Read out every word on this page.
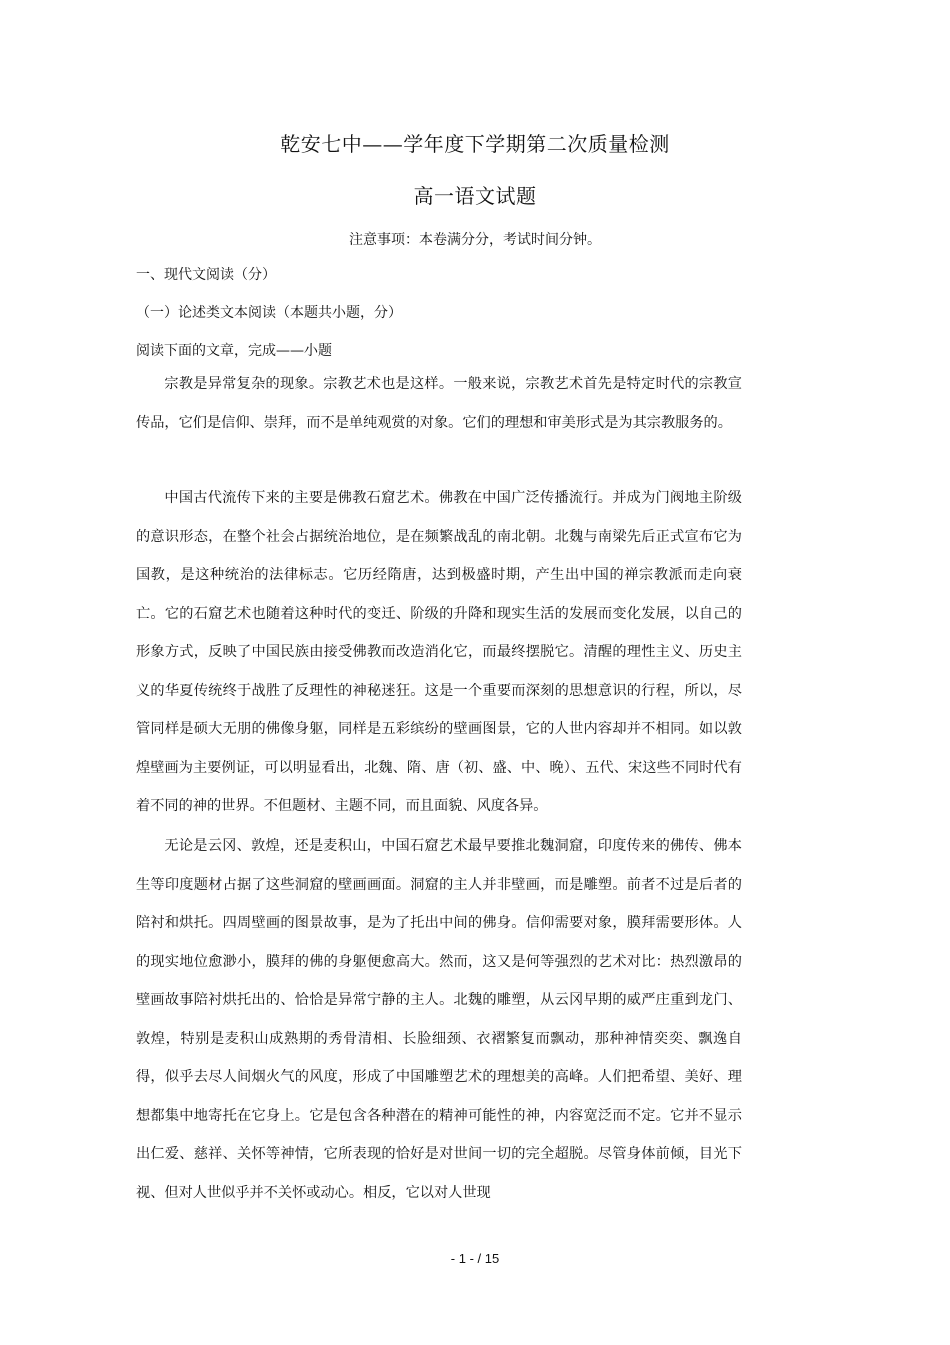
乾安七中——学年度下学期第二次质量检测
高一语文试题
注意事项：本卷满分分，考试时间分钟。
一、现代文阅读（分）
（一）论述类文本阅读（本题共小题，分）
阅读下面的文章，完成——小题

宗教是异常复杂的现象。宗教艺术也是这样。一般来说，宗教艺术首先是特定时代的宗教宣传品，它们是信仰、崇拜，而不是单纯观赏的对象。它们的理想和审美形式是为其宗教服务的。

中国古代流传下来的主要是佛教石窟艺术。佛教在中国广泛传播流行。并成为门阀地主阶级的意识形态，在整个社会占据统治地位，是在频繁战乱的南北朝。北魏与南梁先后正式宣布它为国教，是这种统治的法律标志。它历经隋唐，达到极盛时期，产生出中国的禅宗教派而走向衰亡。它的石窟艺术也随着这种时代的变迁、阶级的升降和现实生活的发展而变化发展，以自己的形象方式，反映了中国民族由接受佛教而改造消化它，而最终摆脱它。清醒的理性主义、历史主义的华夏传统终于战胜了反理性的神秘迷狂。这是一个重要而深刻的思想意识的行程，所以，尽管同样是硕大无朋的佛像身躯，同样是五彩缤纷的壁画图景，它的人世内容却并不相同。如以敦煌壁画为主要例证，可以明显看出，北魏、隋、唐（初、盛、中、晚）、五代、宋这些不同时代有着不同的神的世界。不但题材、主题不同，而且面貌、风度各异。

无论是云冈、敦煌，还是麦积山，中国石窟艺术最早要推北魏洞窟，印度传来的佛传、佛本生等印度题材占据了这些洞窟的壁画画面。洞窟的主人并非壁画，而是雕塑。前者不过是后者的陪衬和烘托。四周壁画的图景故事，是为了托出中间的佛身。信仰需要对象，膜拜需要形体。人的现实地位愈渺小，膜拜的佛的身躯便愈高大。然而，这又是何等强烈的艺术对比：热烈激昂的壁画故事陪衬烘托出的、恰恰是异常宁静的主人。北魏的雕塑，从云冈早期的威严庄重到龙门、敦煌，特别是麦积山成熟期的秀骨清相、长脸细颈、衣褶繁复而飘动，那种神情奕奕、飘逸自得，似乎去尽人间烟火气的风度，形成了中国雕塑艺术的理想美的高峰。人们把希望、美好、理想都集中地寄托在它身上。它是包含各种潜在的精神可能性的神，内容宽泛而不定。它并不显示出仁爱、慈祥、关怀等神情，它所表现的恰好是对世间一切的完全超脱。尽管身体前倾，目光下视、但对人世似乎并不关怀或动心。相反，它以对人世现

- 1 - / 15
